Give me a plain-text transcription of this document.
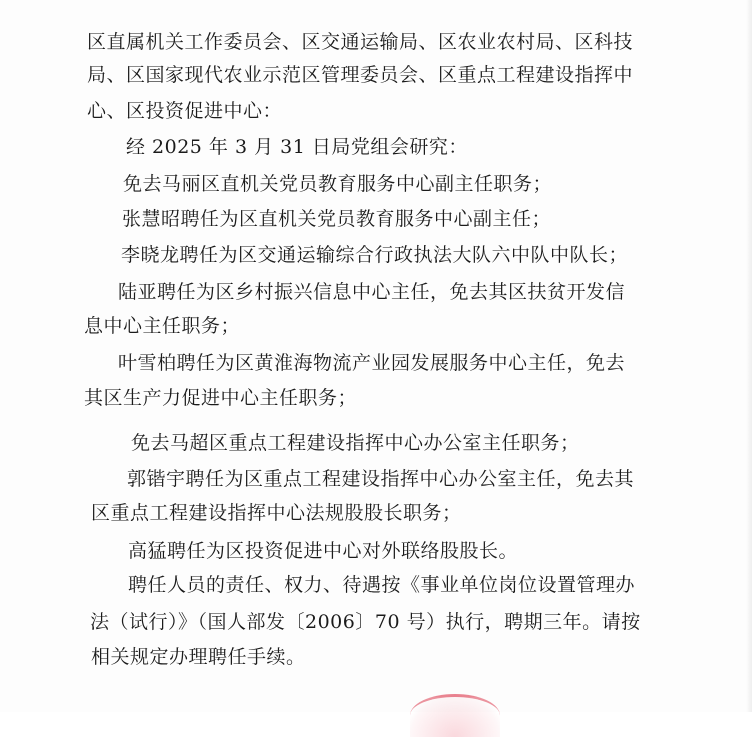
区直属机关工作委员会、区交通运输局、区农业农村局、区科技
局、区国家现代农业示范区管理委员会、区重点工程建设指挥中
心、区投资促进中心：
经 2025 年 3 月 31 日局党组会研究：
免去马丽区直机关党员教育服务中心副主任职务；
张慧昭聘任为区直机关党员教育服务中心副主任；
李晓龙聘任为区交通运输综合行政执法大队六中队中队长；
陆亚聘任为区乡村振兴信息中心主任，免去其区扶贫开发信
息中心主任职务；
叶雪柏聘任为区黄淮海物流产业园发展服务中心主任，免去
其区生产力促进中心主任职务；
免去马超区重点工程建设指挥中心办公室主任职务；
郭锴宇聘任为区重点工程建设指挥中心办公室主任，免去其
区重点工程建设指挥中心法规股股长职务；
高猛聘任为区投资促进中心对外联络股股长。
聘任人员的责任、权力、待遇按《事业单位岗位设置管理办
法（试行）》（国人部发〔2006〕70 号）执行，聘期三年。请按
相关规定办理聘任手续。
